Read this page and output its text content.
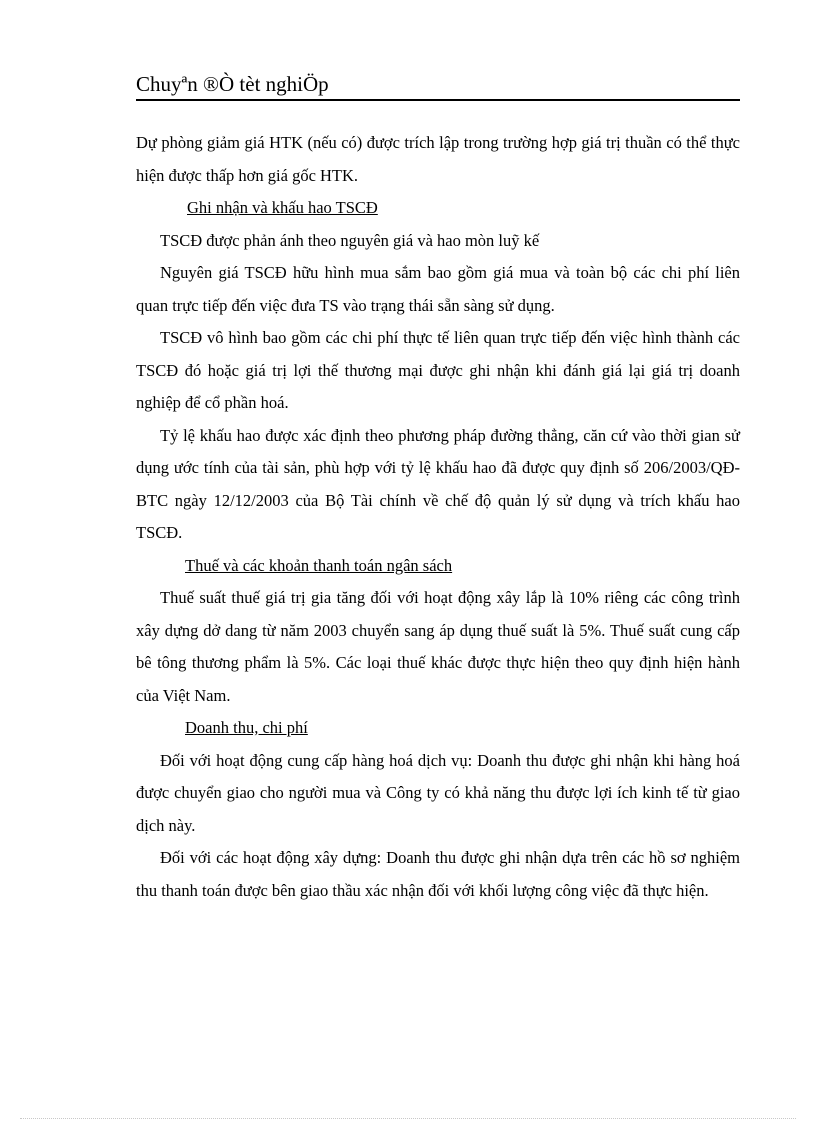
Chuyªn ®Ò tèt nghiÖp

Dự phòng giảm giá HTK (nếu có) được trích lập trong trường hợp giá trị thuần có thể thực hiện được thấp hơn giá gốc HTK.

Ghi nhận và khấu hao TSCĐ

TSCĐ được phản ánh theo nguyên giá và hao mòn luỹ kế

Nguyên giá TSCĐ hữu hình mua sắm bao gồm giá mua và toàn bộ các chi phí liên quan trực tiếp đến việc đưa TS vào trạng thái sẵn sàng sử dụng.

TSCĐ vô hình bao gồm các chi phí thực tế liên quan trực tiếp đến việc hình thành các TSCĐ đó hoặc giá trị lợi thế thương mại được ghi nhận khi đánh giá lại giá trị doanh nghiệp để cổ phần hoá.

Tỷ lệ khấu hao được xác định theo phương pháp đường thẳng, căn cứ vào thời gian sử dụng ước tính của tài sản, phù hợp với tỷ lệ khấu hao đã được quy định số 206/2003/QĐ-BTC ngày 12/12/2003 của Bộ Tài chính về chế độ quản lý sử dụng và trích khấu hao TSCĐ.

Thuế và các khoản thanh toán ngân sách

Thuế suất thuế giá trị gia tăng đối với hoạt động xây lắp là 10% riêng các công trình xây dựng dở dang từ năm 2003 chuyển sang áp dụng thuế suất là 5%. Thuế suất cung cấp bê tông thương phẩm là 5%. Các loại thuế khác được thực hiện theo quy định hiện hành của Việt Nam.

Doanh thu, chi phí

Đối với hoạt động cung cấp hàng hoá dịch vụ: Doanh thu được ghi nhận khi hàng hoá được chuyển giao cho người mua và Công ty có khả năng thu được lợi ích kinh tế từ giao dịch này.

Đối với các hoạt động xây dựng: Doanh thu được ghi nhận dựa trên các hồ sơ nghiệm thu thanh toán được bên giao thầu xác nhận đối với khối lượng công việc đã thực hiện.
